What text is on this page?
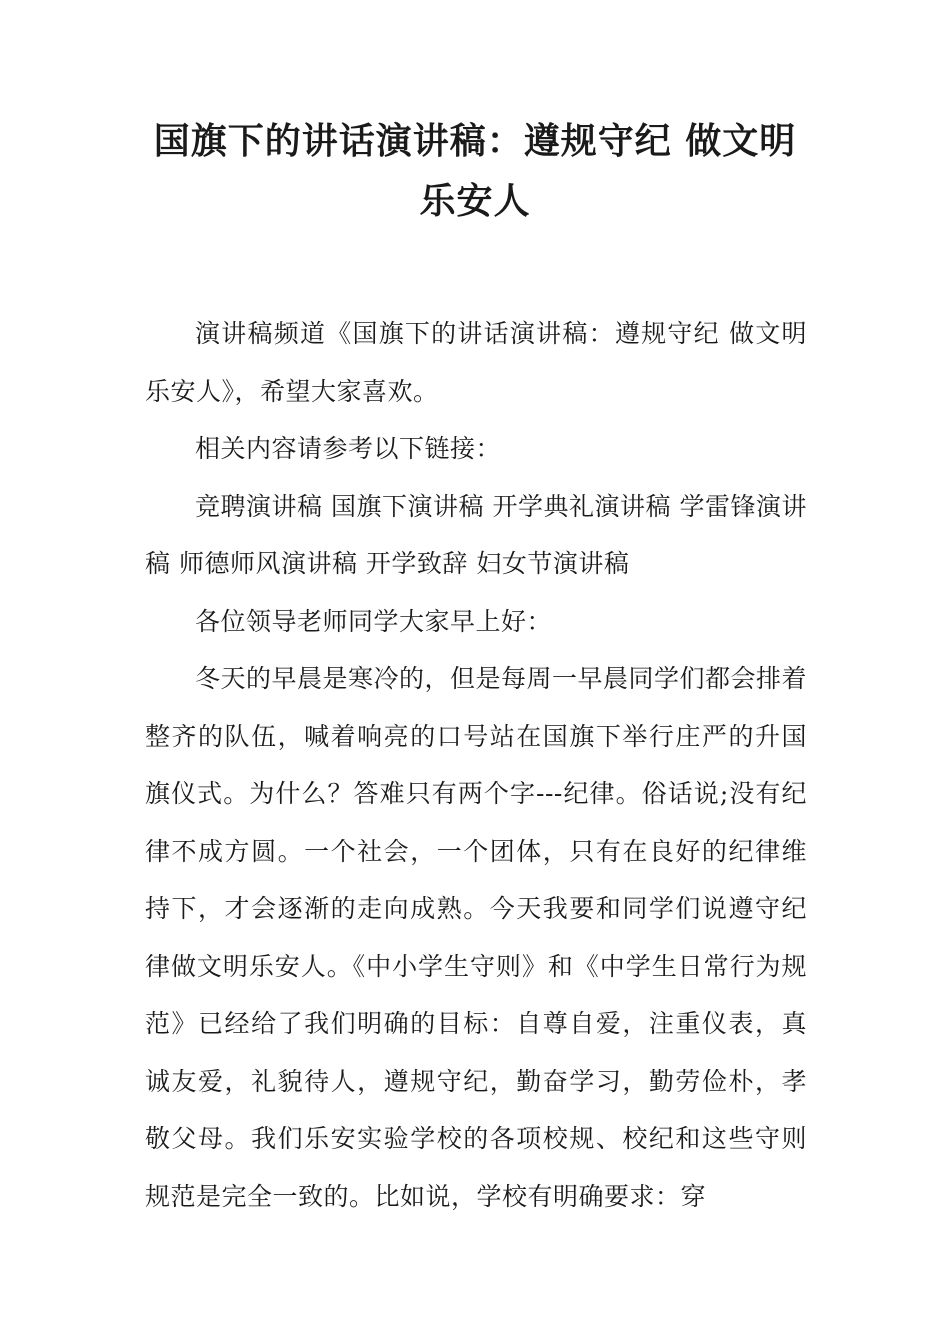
国旗下的讲话演讲稿：遵规守纪 做文明乐安人

演讲稿频道《国旗下的讲话演讲稿：遵规守纪 做文明乐安人》，希望大家喜欢。

相关内容请参考以下链接：

竞聘演讲稿 国旗下演讲稿 开学典礼演讲稿 学雷锋演讲稿 师德师风演讲稿 开学致辞 妇女节演讲稿

各位领导老师同学大家早上好：

冬天的早晨是寒冷的，但是每周一早晨同学们都会排着整齐的队伍，喊着响亮的口号站在国旗下举行庄严的升国旗仪式。为什么？答难只有两个字---纪律。俗话说;没有纪律不成方圆。一个社会，一个团体，只有在良好的纪律维持下，才会逐渐的走向成熟。今天我要和同学们说遵守纪律做文明乐安人。《中小学生守则》和《中学生日常行为规范》已经给了我们明确的目标：自尊自爱，注重仪表，真诚友爱，礼貌待人，遵规守纪，勤奋学习，勤劳俭朴，孝敬父母。我们乐安实验学校的各项校规、校纪和这些守则规范是完全一致的。比如说，学校有明确要求：穿
